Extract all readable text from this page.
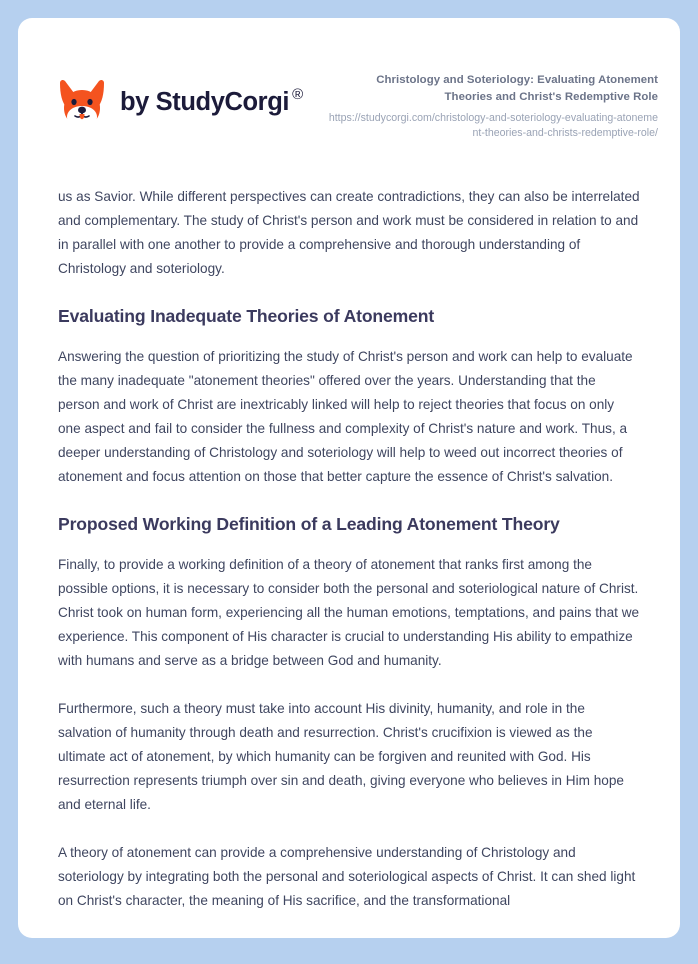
by StudyCorgi ®
Christology and Soteriology: Evaluating Atonement Theories and Christ's Redemptive Role
https://studycorgi.com/christology-and-soteriology-evaluating-atonement-theories-and-christs-redemptive-role/

us as Savior. While different perspectives can create contradictions, they can also be interrelated and complementary. The study of Christ's person and work must be considered in relation to and in parallel with one another to provide a comprehensive and thorough understanding of Christology and soteriology.

Evaluating Inadequate Theories of Atonement

Answering the question of prioritizing the study of Christ's person and work can help to evaluate the many inadequate "atonement theories" offered over the years. Understanding that the person and work of Christ are inextricably linked will help to reject theories that focus on only one aspect and fail to consider the fullness and complexity of Christ's nature and work. Thus, a deeper understanding of Christology and soteriology will help to weed out incorrect theories of atonement and focus attention on those that better capture the essence of Christ's salvation.

Proposed Working Definition of a Leading Atonement Theory

Finally, to provide a working definition of a theory of atonement that ranks first among the possible options, it is necessary to consider both the personal and soteriological nature of Christ. Christ took on human form, experiencing all the human emotions, temptations, and pains that we experience. This component of His character is crucial to understanding His ability to empathize with humans and serve as a bridge between God and humanity.

Furthermore, such a theory must take into account His divinity, humanity, and role in the salvation of humanity through death and resurrection. Christ's crucifixion is viewed as the ultimate act of atonement, by which humanity can be forgiven and reunited with God. His resurrection represents triumph over sin and death, giving everyone who believes in Him hope and eternal life.

A theory of atonement can provide a comprehensive understanding of Christology and soteriology by integrating both the personal and soteriological aspects of Christ. It can shed light on Christ's character, the meaning of His sacrifice, and the transformational
